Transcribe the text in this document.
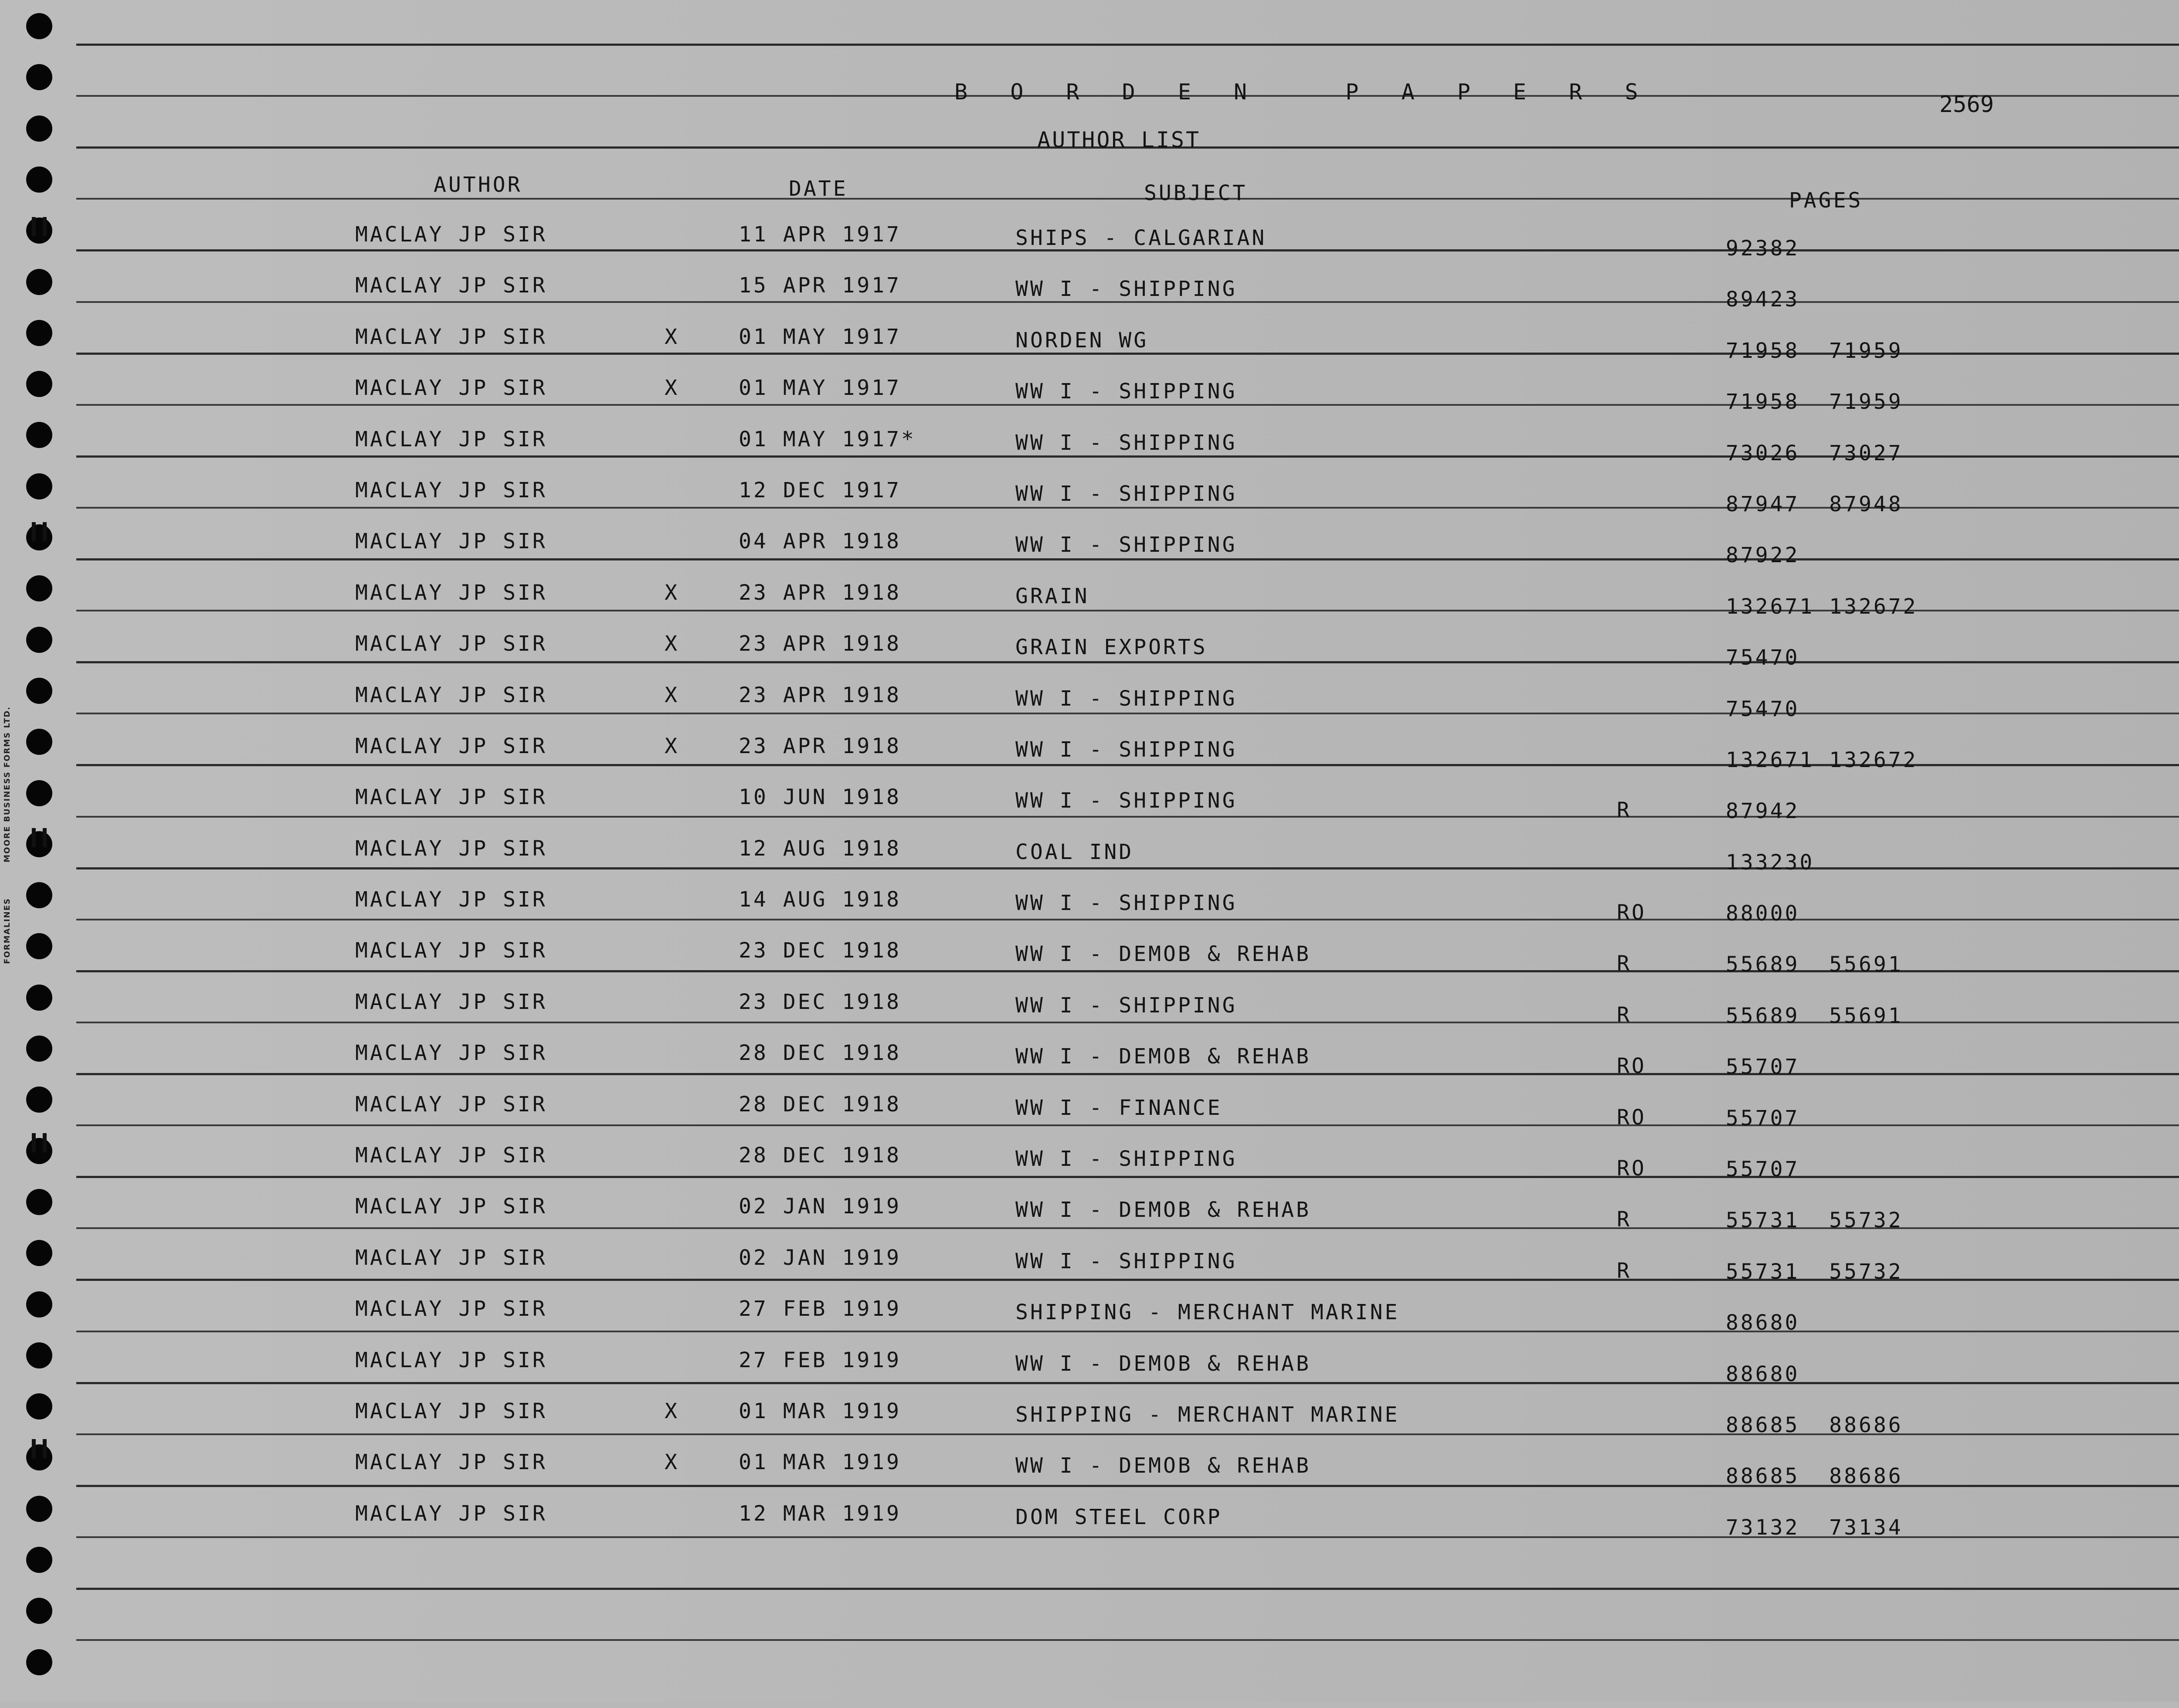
MOORE BUSINESS FORMS LTD.
FORMALINES
B O R D E N   P A P E R S	2569
AUTHOR LIST
AUTHOR	DATE	SUBJECT	PAGES
MACLAY JP SIR	11 APR 1917	SHIPS - CALGARIAN	92382
MACLAY JP SIR	15 APR 1917	WW I - SHIPPING	89423
MACLAY JP SIR	X	01 MAY 1917	NORDEN WG	71958  71959
MACLAY JP SIR	X	01 MAY 1917	WW I - SHIPPING	71958  71959
MACLAY JP SIR	01 MAY 1917*	WW I - SHIPPING	73026  73027
MACLAY JP SIR	12 DEC 1917	WW I - SHIPPING	87947  87948
MACLAY JP SIR	04 APR 1918	WW I - SHIPPING	87922
MACLAY JP SIR	X	23 APR 1918	GRAIN	132671 132672
MACLAY JP SIR	X	23 APR 1918	GRAIN EXPORTS	75470
MACLAY JP SIR	X	23 APR 1918	WW I - SHIPPING	75470
MACLAY JP SIR	X	23 APR 1918	WW I - SHIPPING	132671 132672
MACLAY JP SIR	10 JUN 1918	WW I - SHIPPING	R	87942
MACLAY JP SIR	12 AUG 1918	COAL IND	133230
MACLAY JP SIR	14 AUG 1918	WW I - SHIPPING	RO	88000
MACLAY JP SIR	23 DEC 1918	WW I - DEMOB & REHAB	R	55689  55691
MACLAY JP SIR	23 DEC 1918	WW I - SHIPPING	R	55689  55691
MACLAY JP SIR	28 DEC 1918	WW I - DEMOB & REHAB	RO	55707
MACLAY JP SIR	28 DEC 1918	WW I - FINANCE	RO	55707
MACLAY JP SIR	28 DEC 1918	WW I - SHIPPING	RO	55707
MACLAY JP SIR	02 JAN 1919	WW I - DEMOB & REHAB	R	55731  55732
MACLAY JP SIR	02 JAN 1919	WW I - SHIPPING	R	55731  55732
MACLAY JP SIR	27 FEB 1919	SHIPPING - MERCHANT MARINE	88680
MACLAY JP SIR	27 FEB 1919	WW I - DEMOB & REHAB	88680
MACLAY JP SIR	X	01 MAR 1919	SHIPPING - MERCHANT MARINE	88685  88686
MACLAY JP SIR	X	01 MAR 1919	WW I - DEMOB & REHAB	88685  88686
MACLAY JP SIR	12 MAR 1919	DOM STEEL CORP	73132  73134
